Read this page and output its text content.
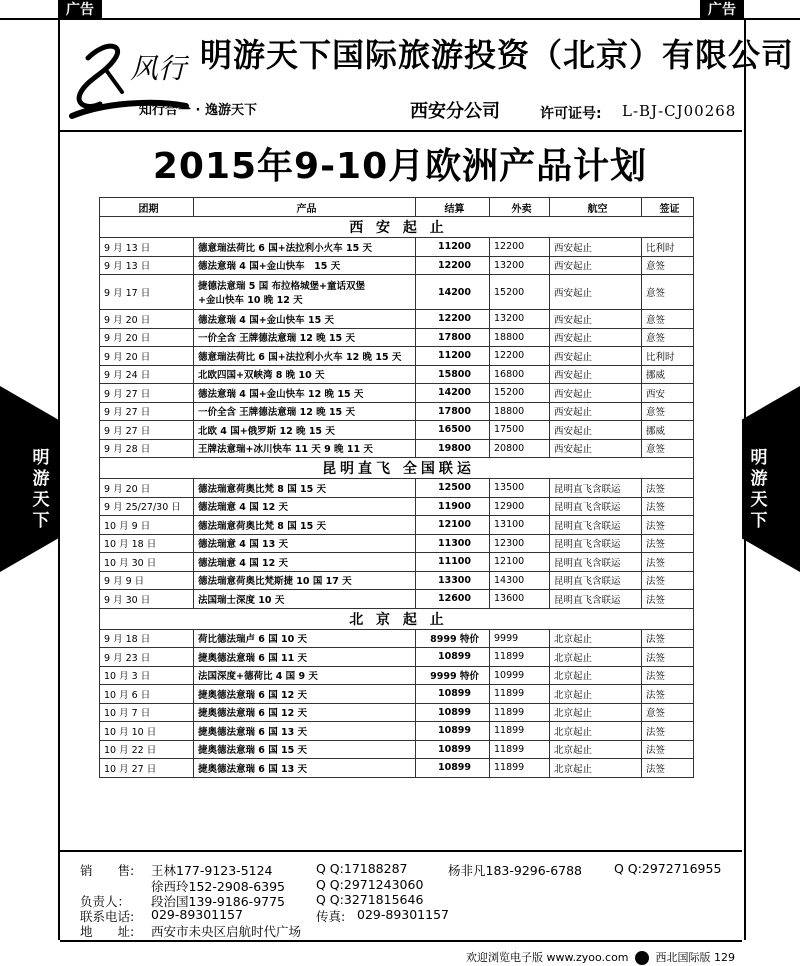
广告	广告
风行
知行合一 · 逸游天下
明游天下国际旅游投资（北京）有限公司
西安分公司	许可证号: L-BJ-CJ00268
2015年9-10月欧洲产品计划
明
游
天
下
明
游
天
下
团期	产品	结算	外卖	航空	签证
西 安 起 止					
9 月 13 日	德意瑞法荷比 6 国+法拉利小火车 15 天	11200	12200	西安起止	比利时
9 月 13 日	德法意瑞 4 国+金山快车　15 天	12200	13200	西安起止	意签
9 月 17 日	捷德法意瑞 5 国 布拉格城堡+童话双堡
+金山快车 10 晚 12 天	14200	15200	西安起止	意签
9 月 20 日	德法意瑞 4 国+金山快车 15 天	12200	13200	西安起止	意签
9 月 20 日	一价全含 王牌德法意瑞 12 晚 15 天	17800	18800	西安起止	意签
9 月 20 日	德意瑞法荷比 6 国+法拉利小火车 12 晚 15 天	11200	12200	西安起止	比利时
9 月 24 日	北欧四国+双峡湾 8 晚 10 天	15800	16800	西安起止	挪威
9 月 27 日	德法意瑞 4 国+金山快车 12 晚 15 天	14200	15200	西安起止	西安
9 月 27 日	一价全含 王牌德法意瑞 12 晚 15 天	17800	18800	西安起止	意签
9 月 27 日	北欧 4 国+俄罗斯 12 晚 15 天	16500	17500	西安起止	挪威
9 月 28 日	王牌法意瑞+冰川快车 11 天 9 晚 11 天	19800	20800	西安起止	意签
昆明直飞 全国联运					
9 月 20 日	德法瑞意荷奥比梵 8 国 15 天	12500	13500	昆明直飞含联运	法签
9 月 25/27/30 日	德法瑞意 4 国 12 天	11900	12900	昆明直飞含联运	法签
10 月 9 日	德法瑞意荷奥比梵 8 国 15 天	12100	13100	昆明直飞含联运	法签
10 月 18 日	德法瑞意 4 国 13 天	11300	12300	昆明直飞含联运	法签
10 月 30 日	德法瑞意 4 国 12 天	11100	12100	昆明直飞含联运	法签
9 月 9 日	德法瑞意荷奥比梵斯捷 10 国 17 天	13300	14300	昆明直飞含联运	法签
9 月 30 日	法国瑞士深度 10 天	12600	13600	昆明直飞含联运	法签
北 京 起 止					
9 月 18 日	荷比德法瑞卢 6 国 10 天	8999 特价	9999	北京起止	法签
9 月 23 日	捷奥德法意瑞 6 国 11 天	10899	11899	北京起止	法签
10 月 3 日	法国深度+德荷比 4 国 9 天	9999 特价	10999	北京起止	法签
10 月 6 日	捷奥德法意瑞 6 国 12 天	10899	11899	北京起止	法签
10 月 7 日	捷奥德法意瑞 6 国 12 天	10899	11899	北京起止	意签
10 月 10 日	捷奥德法意瑞 6 国 13 天	10899	11899	北京起止	法签
10 月 22 日	捷奥德法意瑞 6 国 15 天	10899	11899	北京起止	法签
10 月 27 日	捷奥德法意瑞 6 国 13 天	10899	11899	北京起止	法签
销　　售: 王林177-9123-5124	Q Q:17188287	杨非凡183-9296-6788	Q Q:2972716955
徐西玲152-2908-6395 Q Q:2971243060
负责人： 段治国139-9186-9775 Q Q:3271815646
联系电话: 029-89301157	传真: 029-89301157
地　　址: 西安市未央区启航时代广场
欢迎浏览电子版 www.zyoo.com 西北国际版 129
